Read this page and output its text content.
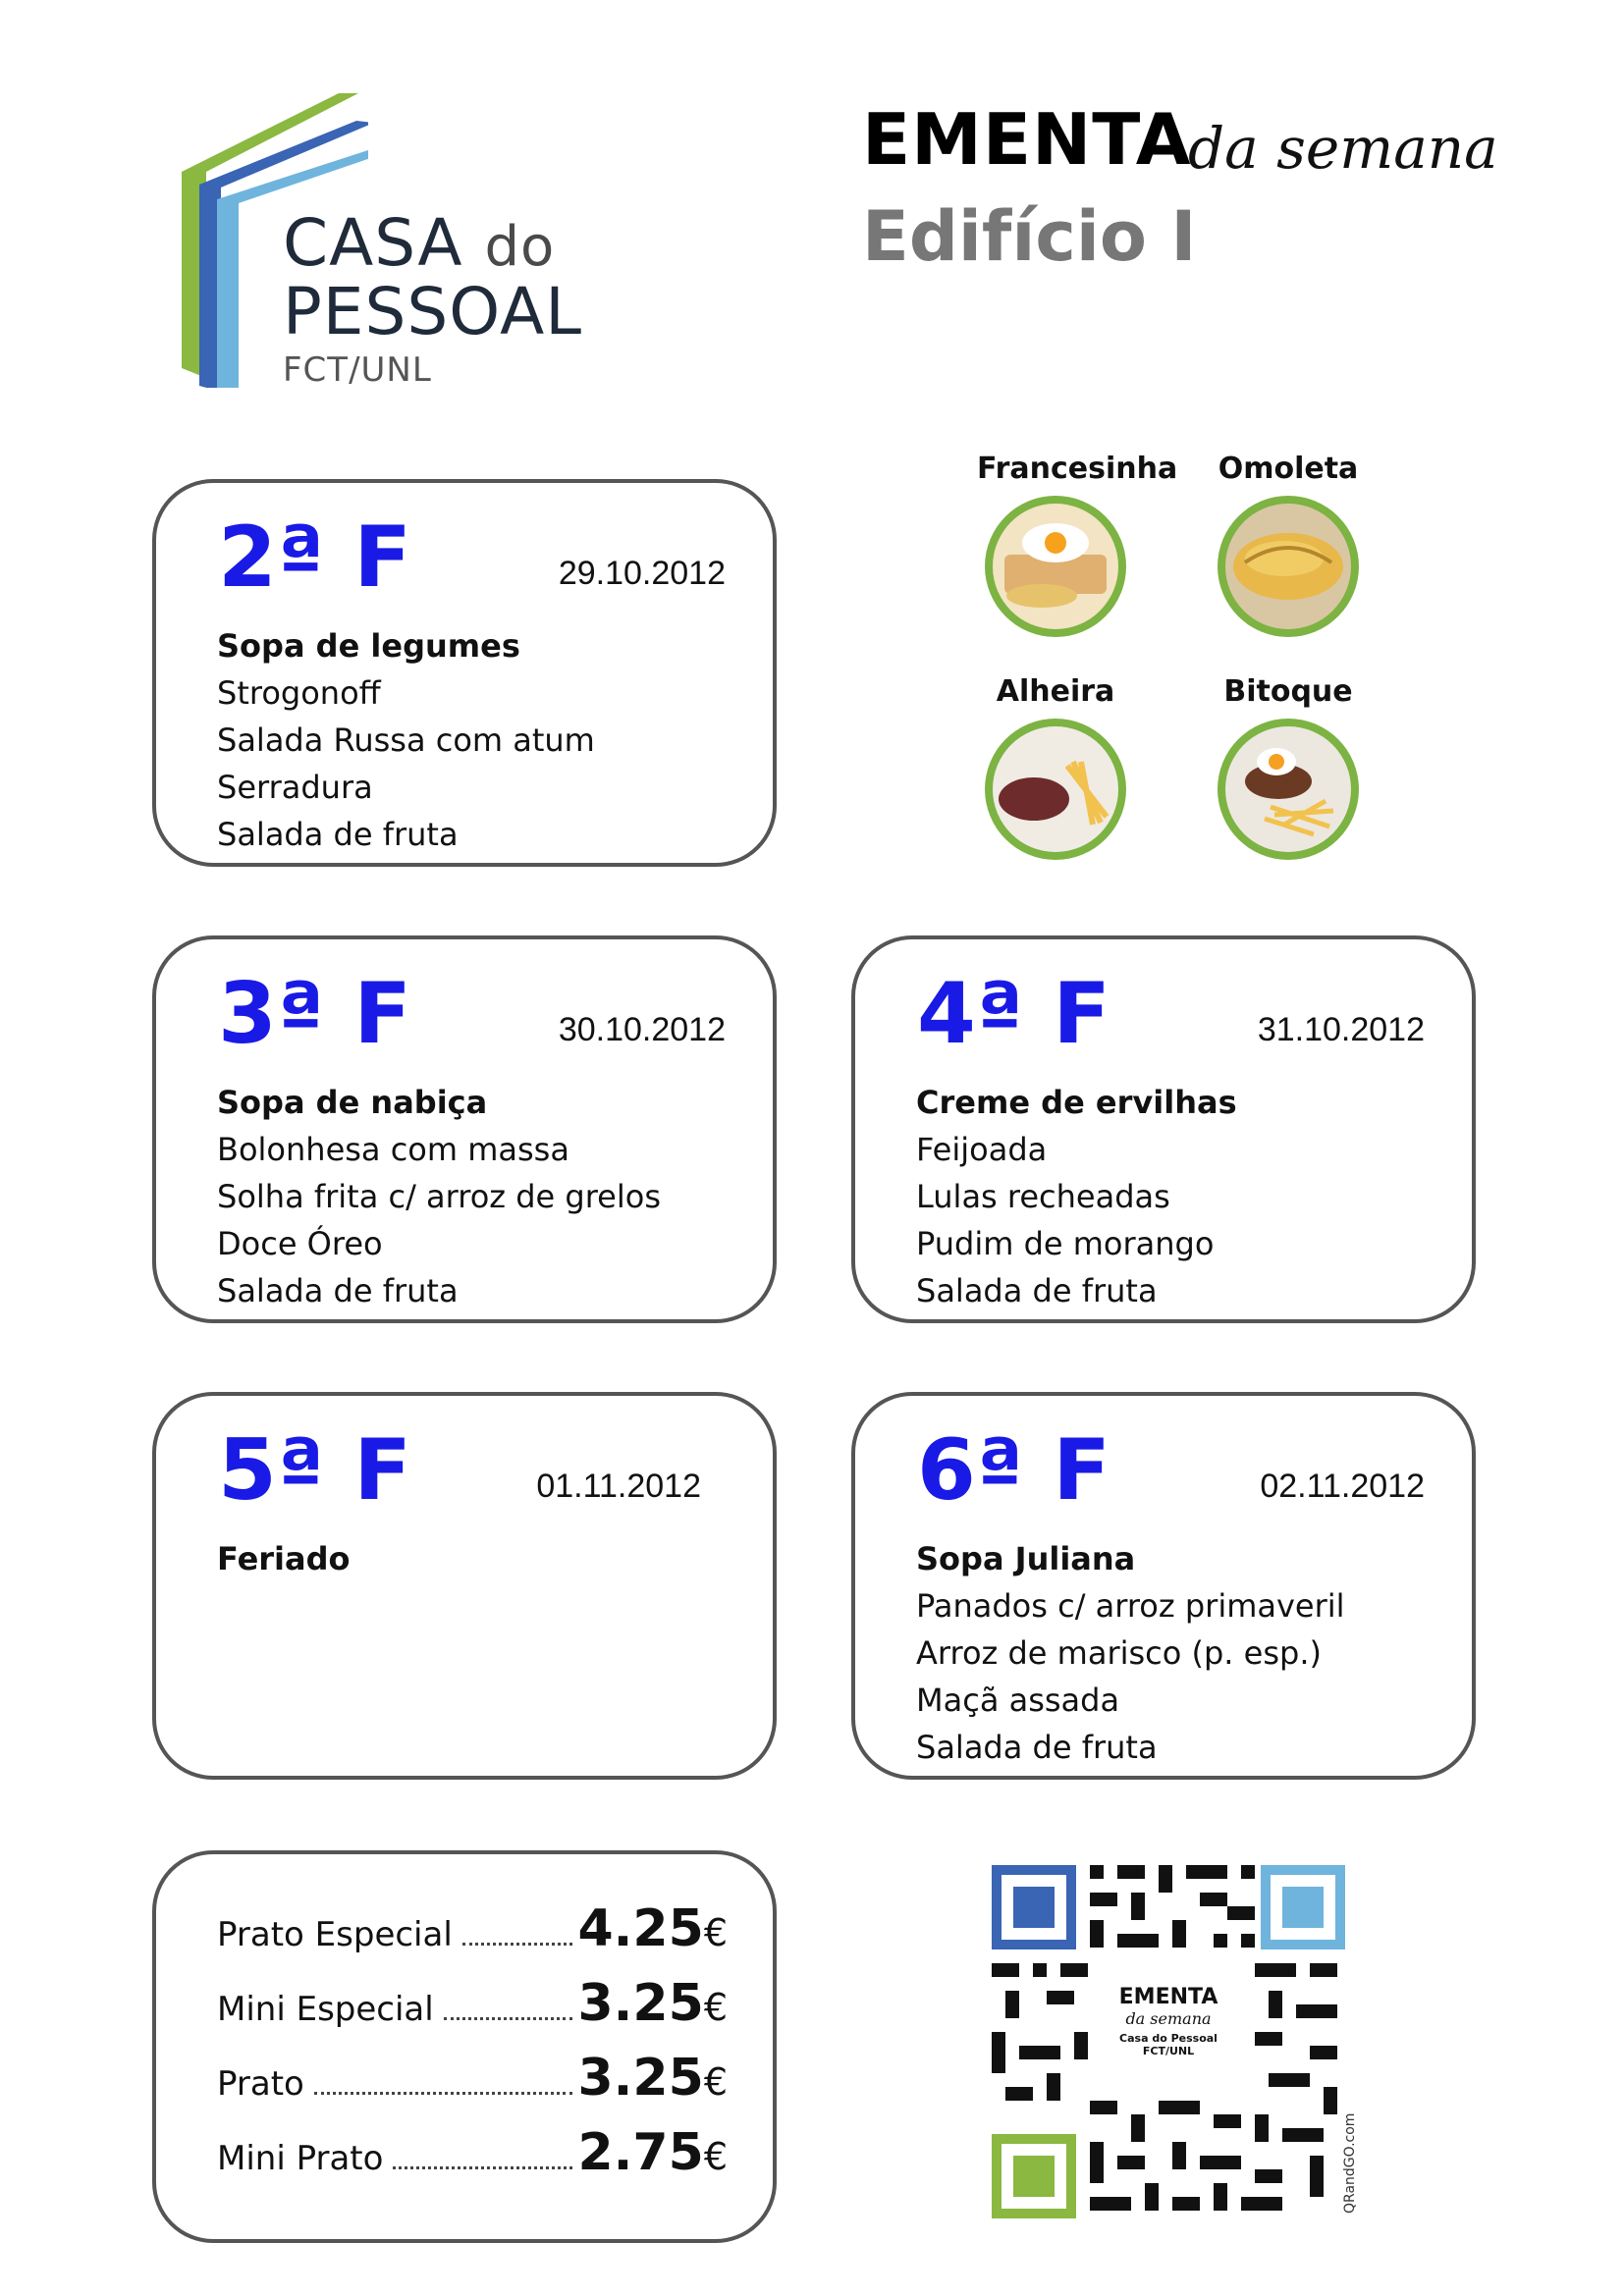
CASA do
PESSOAL
FCT/UNL
EMENTA
da semana
Edifício I
2ª F	29.10.2012
Sopa de legumes
Strogonoff
Salada Russa com atum
Serradura
Salada de fruta
3ª F	30.10.2012
Sopa de nabiça
Bolonhesa com massa
Solha frita c/ arroz de grelos
Doce Óreo
Salada de fruta
4ª F	31.10.2012
Creme de ervilhas
Feijoada
Lulas recheadas
Pudim de morango
Salada de fruta
5ª F	01.11.2012
Feriado
6ª F	02.11.2012
Sopa Juliana
Panados c/ arroz primaveril
Arroz de marisco (p. esp.)
Maçã assada
Salada de fruta
Francesinha Omoleta
Alheira	Bitoque
Prato Especial 4.25€
Mini Especial	3.25€
Prato	3.25€
Mini Prato	2.75€
EMENTA
da semana
Casa do Pessoal
FCT/UNL
QRandGO.com
